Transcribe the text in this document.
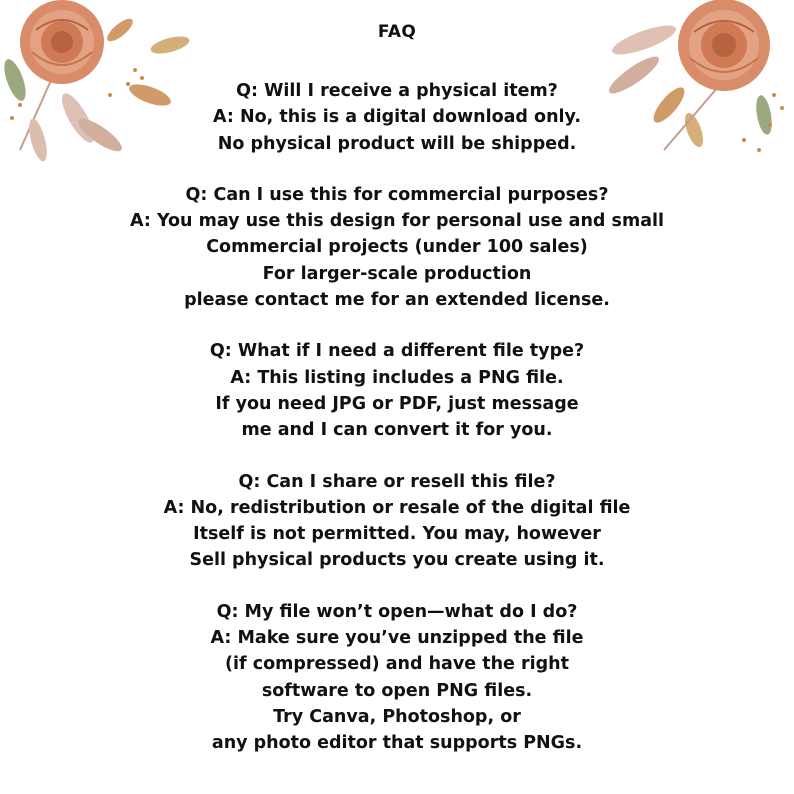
FAQ
Q: Will I receive a physical item?
A: No, this is a digital download only.
No physical product will be shipped.
Q: Can I use this for commercial purposes?
A: You may use this design for personal use and small
Commercial projects (under 100 sales)
For larger-scale production
please contact me for an extended license.
Q: What if I need a different file type?
A: This listing includes a PNG file.
If you need JPG or PDF, just message
me and I can convert it for you.
Q: Can I share or resell this file?
A: No, redistribution or resale of the digital file
Itself is not permitted. You may, however
Sell physical products you create using it.
Q: My file won’t open—what do I do?
A: Make sure you’ve unzipped the file
(if compressed) and have the right
software to open PNG files.
Try Canva, Photoshop, or
any photo editor that supports PNGs.
